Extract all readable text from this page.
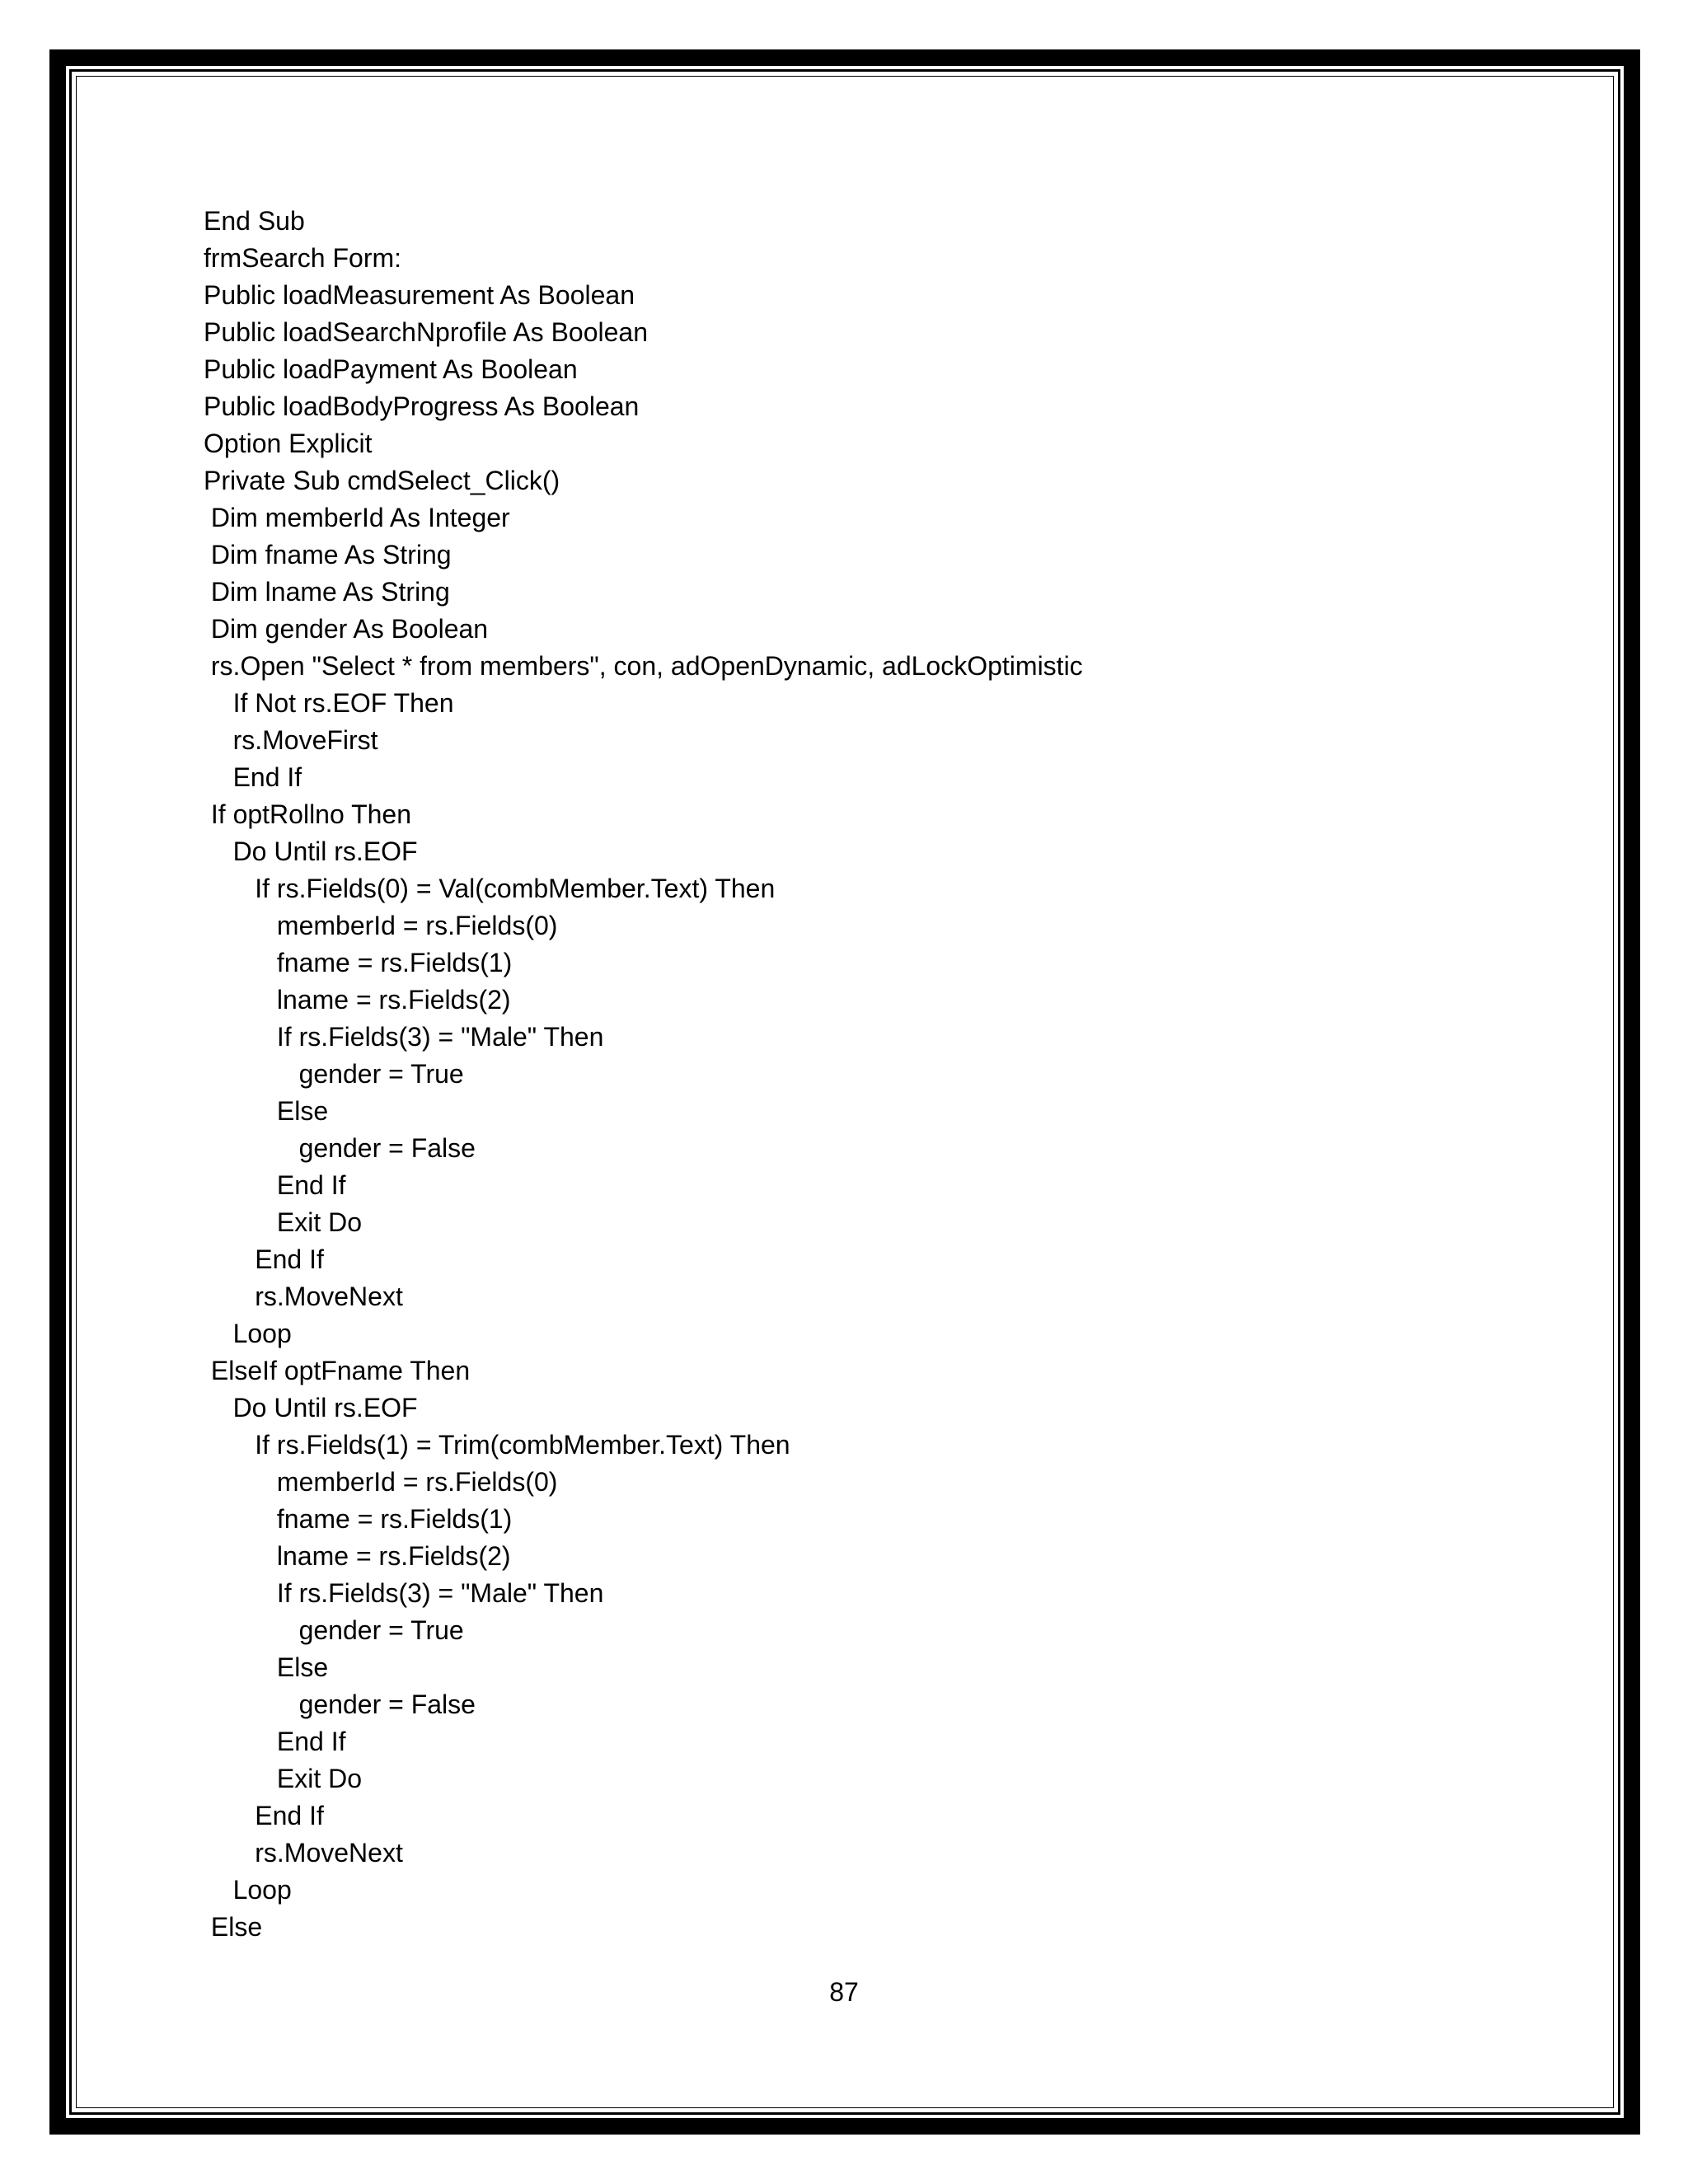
End Sub
frmSearch Form:
Public loadMeasurement As Boolean
Public loadSearchNprofile As Boolean
Public loadPayment As Boolean
Public loadBodyProgress As Boolean
Option Explicit
Private Sub cmdSelect_Click()
Dim memberId As Integer
Dim fname As String
Dim lname As String
Dim gender As Boolean
rs.Open "Select * from members", con, adOpenDynamic, adLockOptimistic
If Not rs.EOF Then
rs.MoveFirst
End If
If optRollno Then
Do Until rs.EOF
If rs.Fields(0) = Val(combMember.Text) Then
memberId = rs.Fields(0)
fname = rs.Fields(1)
lname = rs.Fields(2)
If rs.Fields(3) = "Male" Then
gender = True
Else
gender = False
End If
Exit Do
End If
rs.MoveNext
Loop
ElseIf optFname Then
Do Until rs.EOF
If rs.Fields(1) = Trim(combMember.Text) Then
memberId = rs.Fields(0)
fname = rs.Fields(1)
lname = rs.Fields(2)
If rs.Fields(3) = "Male" Then
gender = True
Else
gender = False
End If
Exit Do
End If
rs.MoveNext
Loop
Else
87
